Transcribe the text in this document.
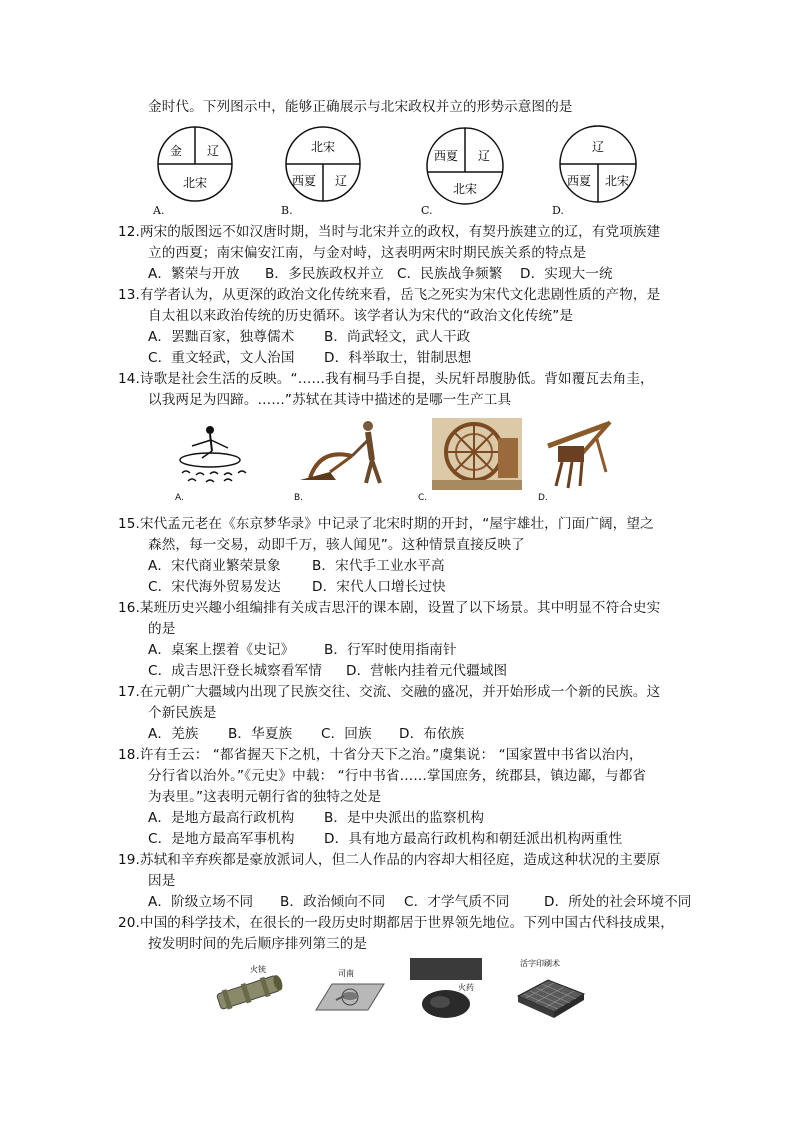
金时代。下列图示中，能够正确展示与北宋政权并立的形势示意图的是
金 辽
北宋
A.
北宋
西夏 辽
B.
西夏 辽
北宋
C.
辽
西夏 北宋
D.
12.两宋的版图远不如汉唐时期，当时与北宋并立的政权，有契丹族建立的辽，有党项族建
立的西夏；南宋偏安江南，与金对峙，这表明两宋时期民族关系的特点是
A．繁荣与开放 B．多民族政权并立 C．民族战争频繁 D．实现大一统
13.有学者认为，从更深的政治文化传统来看，岳飞之死实为宋代文化悲剧性质的产物，是
自太祖以来政治传统的历史循环。该学者认为宋代的“政治文化传统”是
A．罢黜百家，独尊儒术 B．尚武轻文，武人干政
C．重文轻武，文人治国 D．科举取士，钳制思想
14.诗歌是社会生活的反映。“……我有桐马手自提，头尻轩昂腹胁低。背如覆瓦去角圭，
以我两足为四蹄。……”苏轼在其诗中描述的是哪一生产工具
A.	B.	C.	D.
15.宋代孟元老在《东京梦华录》中记录了北宋时期的开封，“屋宇雄壮，门面广阔，望之
森然，每一交易，动即千万，骇人闻见”。这种情景直接反映了
A．宋代商业繁荣景象 B．宋代手工业水平高
C．宋代海外贸易发达 D．宋代人口增长过快
16.某班历史兴趣小组编排有关成吉思汗的课本剧，设置了以下场景。其中明显不符合史实
的是
A．桌案上摆着《史记》 B．行军时使用指南针
C．成吉思汗登长城察看军情 D．营帐内挂着元代疆域图
17.在元朝广大疆域内出现了民族交往、交流、交融的盛况，并开始形成一个新的民族。这
个新民族是
A．羌族 B．华夏族 C．回族 D．布依族
18.许有壬云： “都省握天下之机，十省分天下之治。”虞集说： “国家置中书省以治内，
分行省以治外。”《元史》中载： “行中书省……掌国庶务，统郡县，镇边鄙，与都省
为表里。”这表明元朝行省的独特之处是
A．是地方最高行政机构 B．是中央派出的监察机构
C．是地方最高军事机构 D．具有地方最高行政机构和朝廷派出机构两重性
19.苏轼和辛弃疾都是豪放派词人，但二人作品的内容却大相径庭，造成这种状况的主要原
因是
A．阶级立场不同 B．政治倾向不同 C．才学气质不同	D．所处的社会环境不同
20.中国的科学技术，在很长的一段历史时期都居于世界领先地位。下列中国古代科技成果，
按发明时间的先后顺序排列第三的是
火铳	司南
火药
活字印刷术
